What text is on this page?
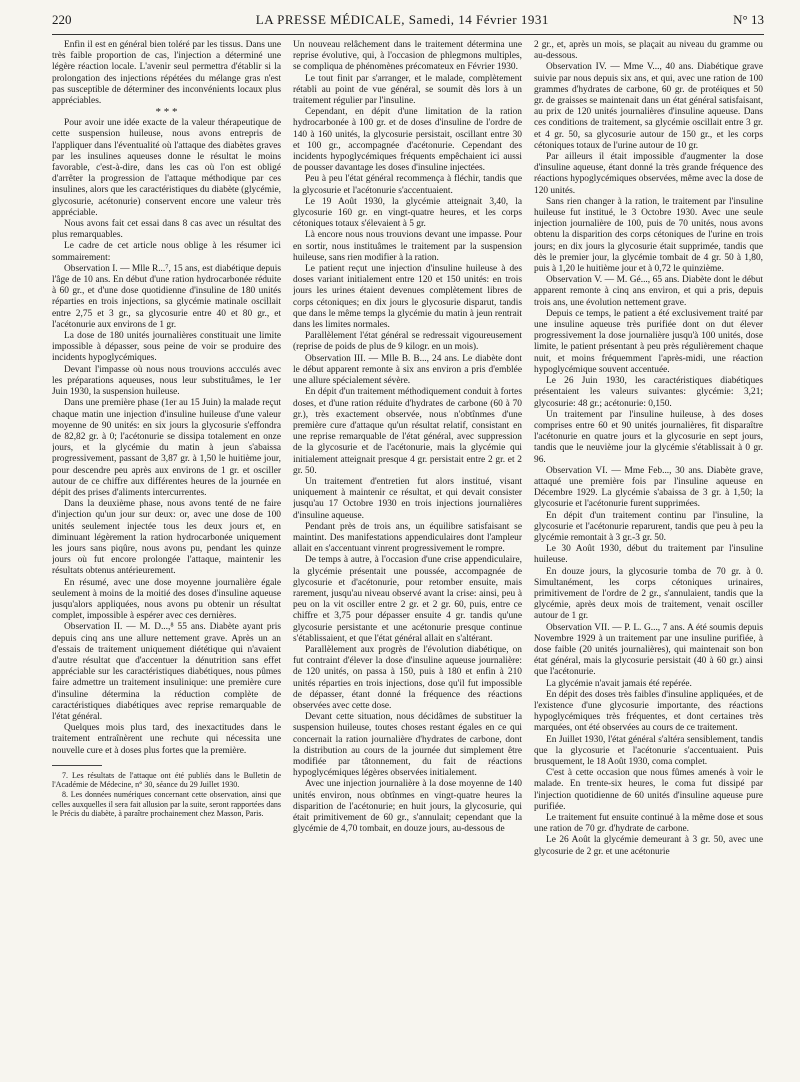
220	LA PRESSE MÉDICALE, Samedi, 14 Février 1931	N° 13

Enfin il est en général bien toléré par les tissus. Dans une très faible proportion de cas, l'injection a déterminé une légère réaction locale. L'avenir seul permettra d'établir si la prolongation des injections répétées du mélange gras n'est pas susceptible de déterminer des inconvénients locaux plus appréciables.

* * *

Pour avoir une idée exacte de la valeur thérapeutique de cette suspension huileuse, nous avons entrepris de l'appliquer dans l'éventualité où l'attaque des diabètes graves par les insulines aqueuses donne le résultat le moins favorable, c'est-à-dire, dans les cas où l'on est obligé d'arrêter la progression de l'attaque méthodique par ces insulines, alors que les caractéristiques du diabète (glycémie, glycosurie, acétonurie) conservent encore une valeur très appréciable.

Nous avons fait cet essai dans 8 cas avec un résultat des plus remarquables.

Le cadre de cet article nous oblige à les résumer ici sommairement:

Observation I. — Mlle R...⁷, 15 ans, est diabétique depuis l'âge de 10 ans. En début d'une ration hydrocarbonée réduite à 60 gr., et d'une dose quotidienne d'insuline de 180 unités réparties en trois injections, sa glycémie matinale oscillait entre 2,75 et 3 gr., sa glycosurie entre 40 et 80 gr., et l'acétonurie aux environs de 1 gr.

La dose de 180 unités journalières constituait une limite impossible à dépasser, sous peine de voir se produire des incidents hypoglycémiques.

Devant l'impasse où nous nous trouvions accculés avec les préparations aqueuses, nous leur substituâmes, le 1er Juin 1930, la suspension huileuse.

Dans une première phase (1er au 15 Juin) la malade reçut chaque matin une injection d'insuline huileuse d'une valeur moyenne de 90 unités: en six jours la glycosurie s'effondra de 82,82 gr. à 0; l'acétonurie se dissipa totalement en onze jours, et la glycémie du matin à jeun s'abaissa progressivement, passant de 3,87 gr. à 1,50 le huitième jour, pour descendre peu après aux environs de 1 gr. et osciller autour de ce chiffre aux différentes heures de la journée en dépit des prises d'aliments intercurrentes.

Dans la deuxième phase, nous avons tenté de ne faire d'injection qu'un jour sur deux: or, avec une dose de 100 unités seulement injectée tous les deux jours et, en diminuant légèrement la ration hydrocarbonée uniquement les jours sans piqûre, nous avons pu, pendant les quinze jours où fut encore prolongée l'attaque, maintenir les résultats obtenus antérieurement.

En résumé, avec une dose moyenne journalière égale seulement à moins de la moitié des doses d'insuline aqueuse jusqu'alors appliquées, nous avons pu obtenir un résultat complet, impossible à espérer avec ces dernières.

Observation II. — M. D...,⁸ 55 ans. Diabète ayant pris depuis cinq ans une allure nettement grave. Après un an d'essais de traitement uniquement diététique qui n'avaient d'autre résultat que d'accentuer la dénutrition sans effet appréciable sur les caractéristiques diabétiques, nous pûmes faire admettre un traitement insulinique: une première cure d'insuline détermina la réduction complète de caractéristiques diabétiques avec reprise remarquable de l'état général.

Quelques mois plus tard, des inexactitudes dans le traitement entraînèrent une rechute qui nécessita une nouvelle cure et à doses plus fortes que la première.

7. Les résultats de l'attaque ont été publiés dans le Bulletin de l'Académie de Médecine, n° 30, séance du 29 Juillet 1930.

8. Les données numériques concernant cette observation, ainsi que celles auxquelles il sera fait allusion par la suite, seront rapportées dans le Précis du diabète, à paraître prochainement chez Masson, Paris.

Un nouveau relâchement dans le traitement détermina une reprise évolutive, qui, à l'occasion de phlegmons multiples, se compliqua de phénomènes précomateux en Février 1930.

Le tout finit par s'arranger, et le malade, complètement rétabli au point de vue général, se soumit dès lors à un traitement régulier par l'insuline.

Cependant, en dépit d'une limitation de la ration hydrocarbonée à 100 gr. et de doses d'insuline de l'ordre de 140 à 160 unités, la glycosurie persistait, oscillant entre 30 et 100 gr., accompagnée d'acétonurie. Cependant des incidents hypoglycémiques fréquents empêchaient ici aussi de pousser davantage les doses d'insuline injectées.

Peu à peu l'état général recommença à fléchir, tandis que la glycosurie et l'acétonurie s'accentuaient.

Le 19 Août 1930, la glycémie atteignait 3,40, la glycosurie 160 gr. en vingt-quatre heures, et les corps cétoniques totaux s'élevaient à 5 gr.

Là encore nous nous trouvions devant une impasse. Pour en sortir, nous instituâmes le traitement par la suspension huileuse, sans rien modifier à la ration.

Le patient reçut une injection d'insuline huileuse à des doses variant initialement entre 120 et 150 unités: en trois jours les urines étaient devenues complètement libres de corps cétoniques; en dix jours le glycosurie disparut, tandis que dans le même temps la glycémie du matin à jeun rentrait dans les limites normales.

Parallèlement l'état général se redressait vigoureusement (reprise de poids de plus de 9 kilogr. en un mois).

Observation III. — Mlle B. B..., 24 ans. Le diabète dont le début apparent remonte à six ans environ a pris d'emblée une allure spécialement sévère.

En dépit d'un traitement méthodiquement conduit à fortes doses, et d'une ration réduite d'hydrates de carbone (60 à 70 gr.), très exactement observée, nous n'obtînmes d'une première cure d'attaque qu'un résultat relatif, consistant en une reprise remarquable de l'état général, avec suppression de la glycosurie et de l'acétonurie, mais la glycémie qui initialement atteignait presque 4 gr. persistait entre 2 gr. et 2 gr. 50.

Un traitement d'entretien fut alors institué, visant uniquement à maintenir ce résultat, et qui devait consister jusqu'au 17 Octobre 1930 en trois injections journalières d'insuline aqueuse.

Pendant près de trois ans, un équilibre satisfaisant se maintint. Des manifestations appendiculaires dont l'ampleur allait en s'accentuant vinrent progressivement le rompre.

De temps à autre, à l'occasion d'une crise appendiculaire, la glycémie présentait une poussée, accompagnée de glycosurie et d'acétonurie, pour retomber ensuite, mais rarement, jusqu'au niveau observé avant la crise: ainsi, peu à peu on la vit osciller entre 2 gr. et 2 gr. 60, puis, entre ce chiffre et 3,75 pour dépasser ensuite 4 gr. tandis qu'une glycosurie persistante et une acétonurie presque continue s'établissaient, et que l'état général allait en s'altérant.

Parallèlement aux progrès de l'évolution diabétique, on fut contraint d'élever la dose d'insuline aqueuse journalière: de 120 unités, on passa à 150, puis à 180 et enfin à 210 unités réparties en trois injections, dose qu'il fut impossible de dépasser, étant donné la fréquence des réactions observées avec cette dose.

Devant cette situation, nous décidâmes de substituer la suspension huileuse, toutes choses restant égales en ce qui concernait la ration journalière d'hydrates de carbone, dont la distribution au cours de la journée dut simplement être modifiée par tâtonnement, du fait de réactions hypoglycémiques légères observées initialement.

Avec une injection journalière à la dose moyenne de 140 unités environ, nous obtînmes en vingt-quatre heures la disparition de l'acétonurie; en huit jours, la glycosurie, qui était primitivement de 60 gr., s'annulait; cependant que la glycémie de 4,70 tombait, en douze jours, au-dessous de

2 gr., et, après un mois, se plaçait au niveau du gramme ou au-dessous.

Observation IV. — Mme V..., 40 ans. Diabétique grave suivie par nous depuis six ans, et qui, avec une ration de 100 grammes d'hydrates de carbone, 60 gr. de protéiques et 50 gr. de graisses se maintenait dans un état général satisfaisant, au prix de 120 unités journalières d'insuline aqueuse. Dans ces conditions de traitement, sa glycémie oscillait entre 3 gr. et 4 gr. 50, sa glycosurie autour de 150 gr., et les corps cétoniques totaux de l'urine autour de 10 gr.

Par ailleurs il était impossible d'augmenter la dose d'insuline aqueuse, étant donné la très grande fréquence des réactions hypoglycémiques observées, même avec la dose de 120 unités.

Sans rien changer à la ration, le traitement par l'insuline huileuse fut institué, le 3 Octobre 1930. Avec une seule injection journalière de 100, puis de 70 unités, nous avons obtenu la disparition des corps cétoniques de l'urine en trois jours; en dix jours la glycosurie était supprimée, tandis que dès le premier jour, la glycémie tombait de 4 gr. 50 à 1,80, puis à 1,20 le huitième jour et à 0,72 le quinzième.

Observation V. — M. Gé..., 65 ans. Diabète dont le début apparent remonte à cinq ans environ, et qui a pris, depuis trois ans, une évolution nettement grave.

Depuis ce temps, le patient a été exclusivement traité par une insuline aqueuse très purifiée dont on dut élever progressivement la dose journalière jusqu'à 100 unités, dose limite, le patient présentant à peu près régulièrement chaque nuit, et moins fréquemment l'après-midi, une réaction hypoglycémique souvent accentuée.

Le 26 Juin 1930, les caractéristiques diabétiques présentaient les valeurs suivantes: glycémie: 3,21; glycosurie: 48 gr.; acétonurie: 0,150.

Un traitement par l'insuline huileuse, à des doses comprises entre 60 et 90 unités journalières, fit disparaître l'acétonurie en quatre jours et la glycosurie en sept jours, tandis que le neuvième jour la glycémie s'établissait à 0 gr. 96.

Observation VI. — Mme Feb..., 30 ans. Diabète grave, attaqué une première fois par l'insuline aqueuse en Décembre 1929. La glycémie s'abaissa de 3 gr. à 1,50; la glycosurie et l'acétonurie furent supprimées.

En dépit d'un traitement continu par l'insuline, la glycosurie et l'acétonurie reparurent, tandis que peu à peu la glycémie remontait à 3 gr.-3 gr. 50.

Le 30 Août 1930, début du traitement par l'insuline huileuse.

En douze jours, la glycosurie tomba de 70 gr. à 0. Simultanément, les corps cétoniques urinaires, primitivement de l'ordre de 2 gr., s'annulaient, tandis que la glycémie, après deux mois de traitement, venait osciller autour de 1 gr.

Observation VII. — P. L. G..., 7 ans. A été soumis depuis Novembre 1929 à un traitement par une insuline purifiée, à dose faible (20 unités journalières), qui maintenait son bon état général, mais la glycosurie persistait (40 à 60 gr.) ainsi que l'acétonurie.

La glycémie n'avait jamais été repérée.

En dépit des doses très faibles d'insuline appliquées, et de l'existence d'une glycosurie importante, des réactions hypoglycémiques très fréquentes, et dont certaines très marquées, ont été observées au cours de ce traitement.

En Juillet 1930, l'état général s'altéra sensiblement, tandis que la glycosurie et l'acétonurie s'accentuaient. Puis brusquement, le 18 Août 1930, coma complet.

C'est à cette occasion que nous fûmes amenés à voir le malade. En trente-six heures, le coma fut dissipé par l'injection quotidienne de 60 unités d'insuline aqueuse pure purifiée.

Le traitement fut ensuite continué à la même dose et sous une ration de 70 gr. d'hydrate de carbone.

Le 26 Août la glycémie demeurant à 3 gr. 50, avec une glycosurie de 2 gr. et une acétonurie
